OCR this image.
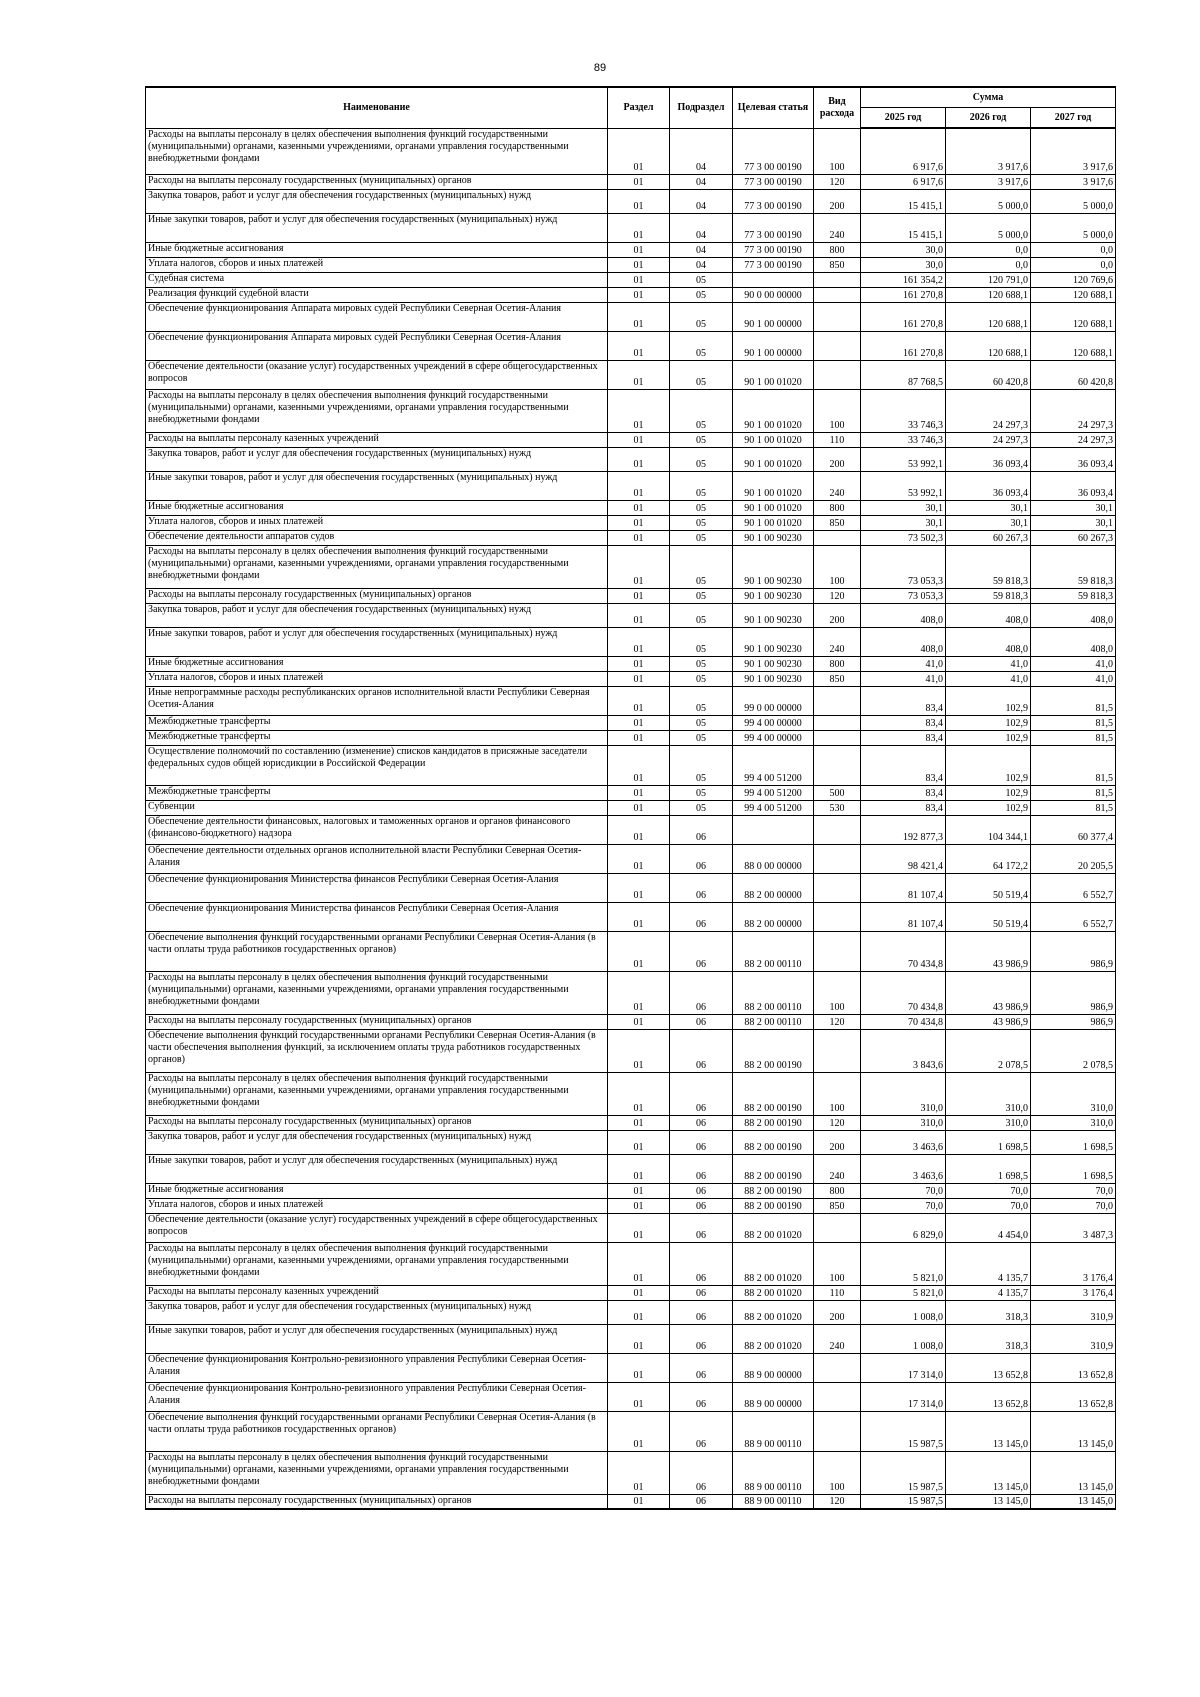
89
Наименование	Раздел	Подраздел	Целевая статья	Вид расхода	Сумма		
					2025 год	2026 год	2027 год
Расходы на выплаты персоналу в целях обеспечения выполнения функций государственными (муниципальными) органами, казенными учреждениями, органами управления государственными внебюджетными фондами	01	04	77 3 00 00190	100	6 917,6	3 917,6	3 917,6
Расходы на выплаты персоналу государственных (муниципальных) органов	01	04	77 3 00 00190	120	6 917,6	3 917,6	3 917,6
Закупка товаров, работ и услуг для обеспечения государственных (муниципальных) нужд	01	04	77 3 00 00190	200	15 415,1	5 000,0	5 000,0
Иные закупки товаров, работ и услуг для обеспечения государственных (муниципальных) нужд	01	04	77 3 00 00190	240	15 415,1	5 000,0	5 000,0
Иные бюджетные ассигнования	01	04	77 3 00 00190	800	30,0	0,0	0,0
Уплата налогов, сборов и иных платежей	01	04	77 3 00 00190	850	30,0	0,0	0,0
Судебная система	01	05			161 354,2	120 791,0	120 769,6
Реализация функций судебной власти	01	05	90 0 00 00000		161 270,8	120 688,1	120 688,1
Обеспечение функционирования Аппарата мировых судей Республики Северная Осетия-Алания	01	05	90 1 00 00000		161 270,8	120 688,1	120 688,1
Обеспечение функционирования Аппарата мировых судей Республики Северная Осетия-Алания	01	05	90 1 00 00000		161 270,8	120 688,1	120 688,1
Обеспечение деятельности (оказание услуг) государственных учреждений в сфере общегосударственных вопросов	01	05	90 1 00 01020		87 768,5	60 420,8	60 420,8
Расходы на выплаты персоналу в целях обеспечения выполнения функций государственными (муниципальными) органами, казенными учреждениями, органами управления государственными внебюджетными фондами	01	05	90 1 00 01020	100	33 746,3	24 297,3	24 297,3
Расходы на выплаты персоналу казенных учреждений	01	05	90 1 00 01020	110	33 746,3	24 297,3	24 297,3
Закупка товаров, работ и услуг для обеспечения государственных (муниципальных) нужд	01	05	90 1 00 01020	200	53 992,1	36 093,4	36 093,4
Иные закупки товаров, работ и услуг для обеспечения государственных (муниципальных) нужд	01	05	90 1 00 01020	240	53 992,1	36 093,4	36 093,4
Иные бюджетные ассигнования	01	05	90 1 00 01020	800	30,1	30,1	30,1
Уплата налогов, сборов и иных платежей	01	05	90 1 00 01020	850	30,1	30,1	30,1
Обеспечение деятельности аппаратов судов	01	05	90 1 00 90230		73 502,3	60 267,3	60 267,3
Расходы на выплаты персоналу в целях обеспечения выполнения функций государственными (муниципальными) органами, казенными учреждениями, органами управления государственными внебюджетными фондами	01	05	90 1 00 90230	100	73 053,3	59 818,3	59 818,3
Расходы на выплаты персоналу государственных (муниципальных) органов	01	05	90 1 00 90230	120	73 053,3	59 818,3	59 818,3
Закупка товаров, работ и услуг для обеспечения государственных (муниципальных) нужд	01	05	90 1 00 90230	200	408,0	408,0	408,0
Иные закупки товаров, работ и услуг для обеспечения государственных (муниципальных) нужд	01	05	90 1 00 90230	240	408,0	408,0	408,0
Иные бюджетные ассигнования	01	05	90 1 00 90230	800	41,0	41,0	41,0
Уплата налогов, сборов и иных платежей	01	05	90 1 00 90230	850	41,0	41,0	41,0
Иные непрограммные расходы республиканских органов исполнительной власти Республики Северная Осетия-Алания	01	05	99 0 00 00000		83,4	102,9	81,5
Межбюджетные трансферты	01	05	99 4 00 00000		83,4	102,9	81,5
Межбюджетные трансферты	01	05	99 4 00 00000		83,4	102,9	81,5
Осуществление полномочий по составлению (изменение) списков кандидатов в присяжные заседатели федеральных судов общей юрисдикции в Российской Федерации	01	05	99 4 00 51200		83,4	102,9	81,5
Межбюджетные трансферты	01	05	99 4 00 51200	500	83,4	102,9	81,5
Субвенции	01	05	99 4 00 51200	530	83,4	102,9	81,5
Обеспечение деятельности финансовых, налоговых и таможенных органов и органов финансового (финансово-бюджетного) надзора	01	06			192 877,3	104 344,1	60 377,4
Обеспечение деятельности отдельных органов исполнительной власти Республики Северная Осетия-Алания	01	06	88 0 00 00000		98 421,4	64 172,2	20 205,5
Обеспечение функционирования Министерства финансов Республики Северная Осетия-Алания	01	06	88 2 00 00000		81 107,4	50 519,4	6 552,7
Обеспечение функционирования Министерства финансов Республики Северная Осетия-Алания	01	06	88 2 00 00000		81 107,4	50 519,4	6 552,7
Обеспечение выполнения функций государственными органами Республики Северная Осетия-Алания (в части оплаты труда работников государственных органов)	01	06	88 2 00 00110		70 434,8	43 986,9	986,9
Расходы на выплаты персоналу в целях обеспечения выполнения функций государственными (муниципальными) органами, казенными учреждениями, органами управления государственными внебюджетными фондами	01	06	88 2 00 00110	100	70 434,8	43 986,9	986,9
Расходы на выплаты персоналу государственных (муниципальных) органов	01	06	88 2 00 00110	120	70 434,8	43 986,9	986,9
Обеспечение выполнения функций государственными органами Республики Северная Осетия-Алания (в части обеспечения выполнения функций, за исключением оплаты труда работников государственных органов)	01	06	88 2 00 00190		3 843,6	2 078,5	2 078,5
Расходы на выплаты персоналу в целях обеспечения выполнения функций государственными (муниципальными) органами, казенными учреждениями, органами управления государственными внебюджетными фондами	01	06	88 2 00 00190	100	310,0	310,0	310,0
Расходы на выплаты персоналу государственных (муниципальных) органов	01	06	88 2 00 00190	120	310,0	310,0	310,0
Закупка товаров, работ и услуг для обеспечения государственных (муниципальных) нужд	01	06	88 2 00 00190	200	3 463,6	1 698,5	1 698,5
Иные закупки товаров, работ и услуг для обеспечения государственных (муниципальных) нужд	01	06	88 2 00 00190	240	3 463,6	1 698,5	1 698,5
Иные бюджетные ассигнования	01	06	88 2 00 00190	800	70,0	70,0	70,0
Уплата налогов, сборов и иных платежей	01	06	88 2 00 00190	850	70,0	70,0	70,0
Обеспечение деятельности (оказание услуг) государственных учреждений в сфере общегосударственных вопросов	01	06	88 2 00 01020		6 829,0	4 454,0	3 487,3
Расходы на выплаты персоналу в целях обеспечения выполнения функций государственными (муниципальными) органами, казенными учреждениями, органами управления государственными внебюджетными фондами	01	06	88 2 00 01020	100	5 821,0	4 135,7	3 176,4
Расходы на выплаты персоналу казенных учреждений	01	06	88 2 00 01020	110	5 821,0	4 135,7	3 176,4
Закупка товаров, работ и услуг для обеспечения государственных (муниципальных) нужд	01	06	88 2 00 01020	200	1 008,0	318,3	310,9
Иные закупки товаров, работ и услуг для обеспечения государственных (муниципальных) нужд	01	06	88 2 00 01020	240	1 008,0	318,3	310,9
Обеспечение функционирования Контрольно-ревизионного управления Республики Северная Осетия-Алания	01	06	88 9 00 00000		17 314,0	13 652,8	13 652,8
Обеспечение функционирования Контрольно-ревизионного управления Республики Северная Осетия-Алания	01	06	88 9 00 00000		17 314,0	13 652,8	13 652,8
Обеспечение выполнения функций государственными органами Республики Северная Осетия-Алания (в части оплаты труда работников государственных органов)	01	06	88 9 00 00110		15 987,5	13 145,0	13 145,0
Расходы на выплаты персоналу в целях обеспечения выполнения функций государственными (муниципальными) органами, казенными учреждениями, органами управления государственными внебюджетными фондами	01	06	88 9 00 00110	100	15 987,5	13 145,0	13 145,0
Расходы на выплаты персоналу государственных (муниципальных) органов	01	06	88 9 00 00110	120	15 987,5	13 145,0	13 145,0
